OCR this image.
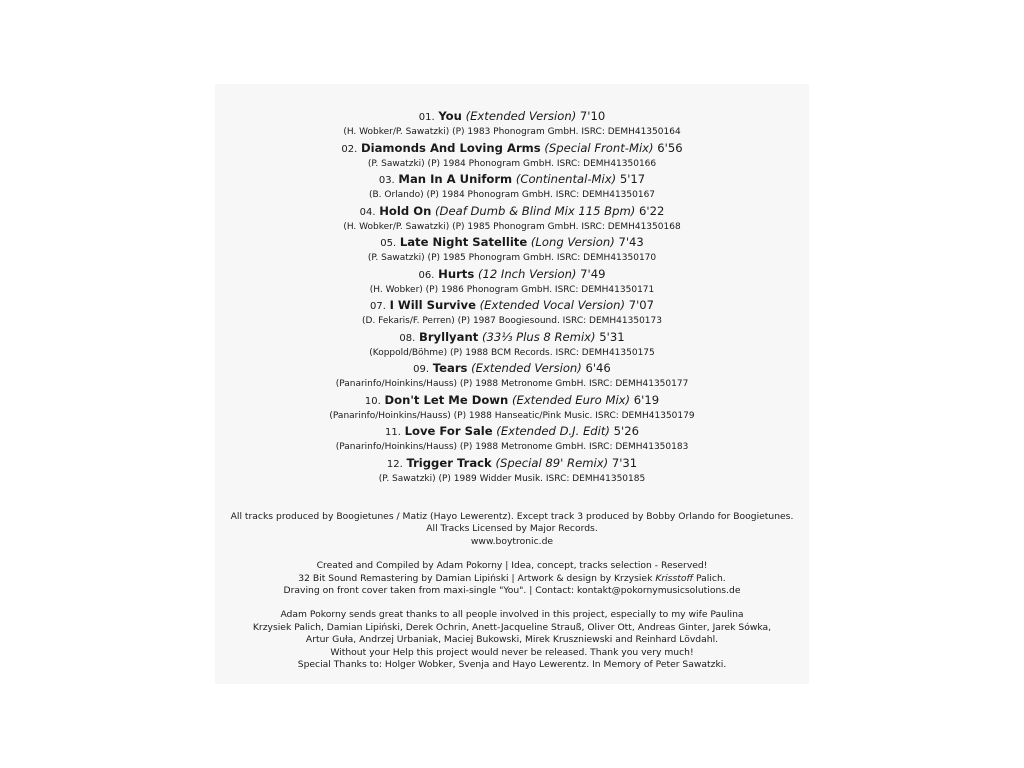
01. You (Extended Version) 7'10
(H. Wobker/P. Sawatzki) (P) 1983 Phonogram GmbH. ISRC: DEMH41350164
02. Diamonds And Loving Arms (Special Front-Mix) 6'56
(P. Sawatzki) (P) 1984 Phonogram GmbH. ISRC: DEMH41350166
03. Man In A Uniform (Continental-Mix) 5'17
(B. Orlando) (P) 1984 Phonogram GmbH. ISRC: DEMH41350167
04. Hold On (Deaf Dumb & Blind Mix 115 Bpm) 6'22
(H. Wobker/P. Sawatzki) (P) 1985 Phonogram GmbH. ISRC: DEMH41350168
05. Late Night Satellite (Long Version) 7'43
(P. Sawatzki) (P) 1985 Phonogram GmbH. ISRC: DEMH41350170
06. Hurts (12 Inch Version) 7'49
(H. Wobker) (P) 1986 Phonogram GmbH. ISRC: DEMH41350171
07. I Will Survive (Extended Vocal Version) 7'07
(D. Fekaris/F. Perren) (P) 1987 Boogiesound. ISRC: DEMH41350173
08. Bryllyant (33⅓ Plus 8 Remix) 5'31
(Koppold/Böhme) (P) 1988 BCM Records. ISRC: DEMH41350175
09. Tears (Extended Version) 6'46
(Panarinfo/Hoinkins/Hauss) (P) 1988 Metronome GmbH. ISRC: DEMH41350177
10. Don't Let Me Down (Extended Euro Mix) 6'19
(Panarinfo/Hoinkins/Hauss) (P) 1988 Hanseatic/Pink Music. ISRC: DEMH41350179
11. Love For Sale (Extended D.J. Edit) 5'26
(Panarinfo/Hoinkins/Hauss) (P) 1988 Metronome GmbH. ISRC: DEMH41350183
12. Trigger Track (Special 89' Remix) 7'31
(P. Sawatzki) (P) 1989 Widder Musik. ISRC: DEMH41350185
All tracks produced by Boogietunes / Matiz (Hayo Lewerentz). Except track 3 produced by Bobby Orlando for Boogietunes.
All Tracks Licensed by Major Records.
www.boytronic.de
Created and Compiled by Adam Pokorny | Idea, concept, tracks selection - Reserved!
32 Bit Sound Remastering by Damian Lipiński | Artwork & design by Krzysiek Krisstoff Palich.
Draving on front cover taken from maxi-single "You". | Contact: kontakt@pokornymusicsolutions.de
Adam Pokorny sends great thanks to all people involved in this project, especially to my wife Paulina
Krzysiek Palich, Damian Lipiński, Derek Ochrin, Anett-Jacqueline Strauß, Oliver Ott, Andreas Ginter, Jarek Sówka,
Artur Guła, Andrzej Urbaniak, Maciej Bukowski, Mirek Kruszniewski and Reinhard Lövdahl.
Without your Help this project would never be released. Thank you very much!
Special Thanks to: Holger Wobker, Svenja and Hayo Lewerentz. In Memory of Peter Sawatzki.
